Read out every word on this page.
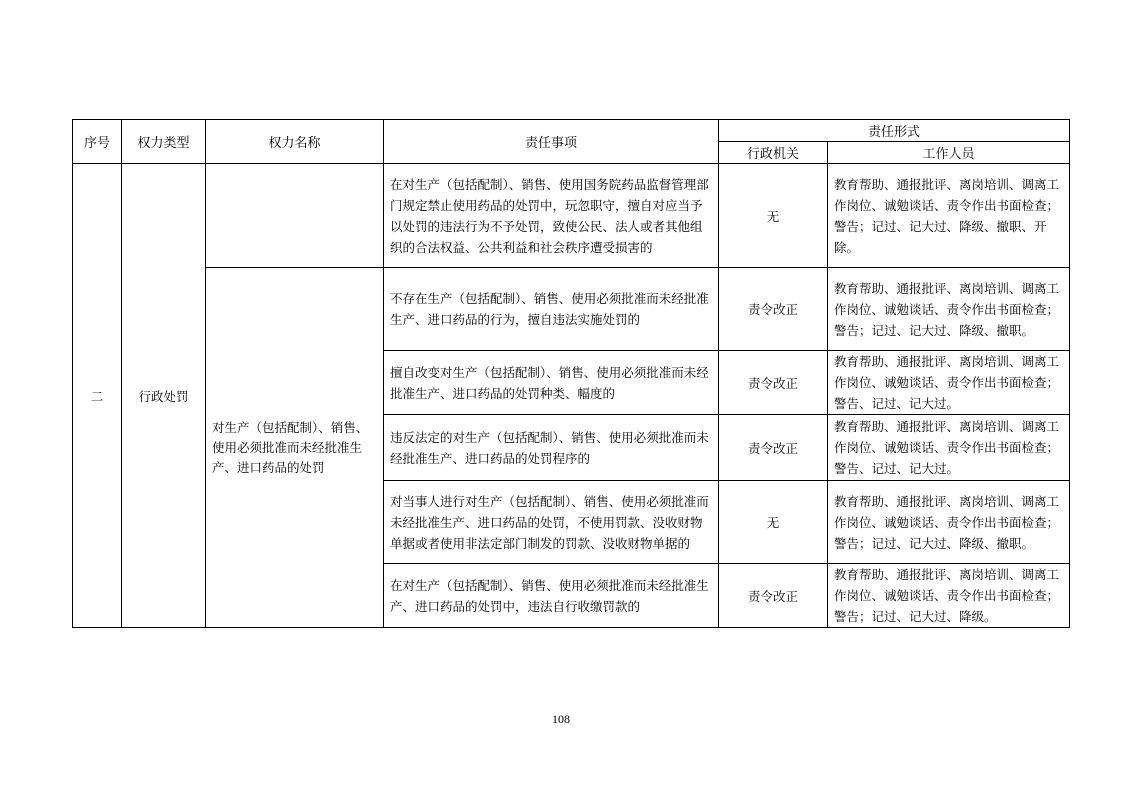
序号	权力类型	权力名称	责任事项	责任形式	
				行政机关	工作人员
二	行政处罚		在对生产（包括配制）、销售、使用国务院药品监督管理部门规定禁止使用药品的处罚中，玩忽职守，擅自对应当予以处罚的违法行为不予处罚，致使公民、法人或者其他组织的合法权益、公共利益和社会秩序遭受损害的	无	教育帮助、通报批评、离岗培训、调离工作岗位、诚勉谈话、责令作出书面检查；警告；记过、记大过、降级、撤职、开除。
		对生产（包括配制）、销售、使用必须批准而未经批准生产、进口药品的处罚	不存在生产（包括配制）、销售、使用必须批准而未经批准生产、进口药品的行为，擅自违法实施处罚的	责令改正	教育帮助、通报批评、离岗培训、调离工作岗位、诚勉谈话、责令作出书面检查；警告；记过、记大过、降级、撤职。
			擅自改变对生产（包括配制）、销售、使用必须批准而未经批准生产、进口药品的处罚种类、幅度的	责令改正	教育帮助、通报批评、离岗培训、调离工作岗位、诚勉谈话、责令作出书面检查；警告、记过、记大过。
			违反法定的对生产（包括配制）、销售、使用必须批准而未经批准生产、进口药品的处罚程序的	责令改正	教育帮助、通报批评、离岗培训、调离工作岗位、诚勉谈话、责令作出书面检查；警告、记过、记大过。
			对当事人进行对生产（包括配制）、销售、使用必须批准而未经批准生产、进口药品的处罚，不使用罚款、没收财物单据或者使用非法定部门制发的罚款、没收财物单据的	无	教育帮助、通报批评、离岗培训、调离工作岗位、诚勉谈话、责令作出书面检查；警告；记过、记大过、降级、撤职。
			在对生产（包括配制）、销售、使用必须批准而未经批准生产、进口药品的处罚中，违法自行收缴罚款的	责令改正	教育帮助、通报批评、离岗培训、调离工作岗位、诚勉谈话、责令作出书面检查；警告；记过、记大过、降级。
108
